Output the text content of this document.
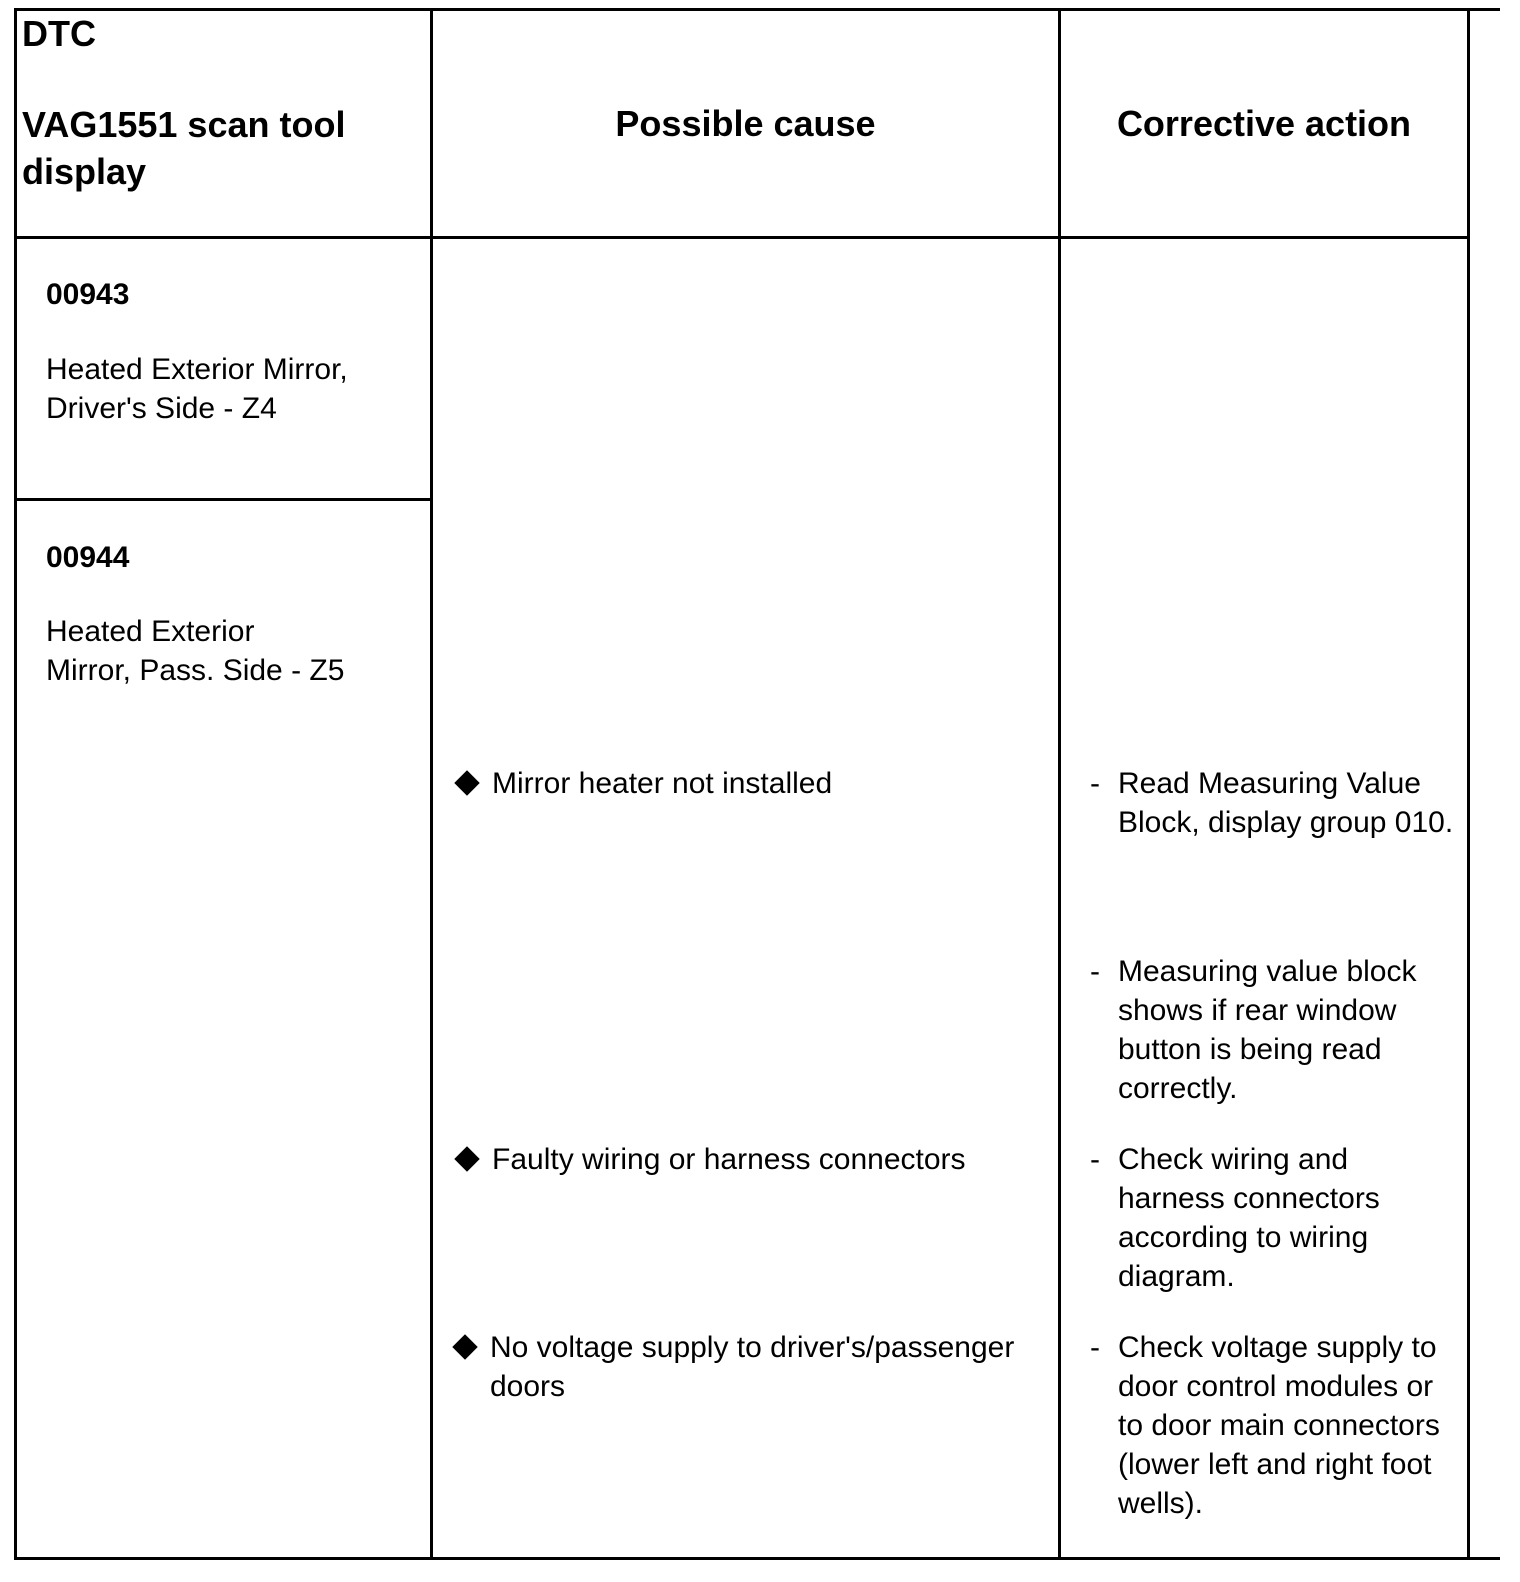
DTC
VAG1551 scan tool display
Possible cause	Corrective action
00943
Heated Exterior Mirror, Driver's Side - Z4
00944
Heated Exterior Mirror, Pass. Side - Z5
Mirror heater not installed
Faulty wiring or harness connectors
No voltage supply to driver's/passenger doors
- Read Measuring Value Block, display group 010.
- Measuring value block shows if rear window button is being read correctly.
- Check wiring and harness connectors according to wiring diagram.
- Check voltage supply to door control modules or to door main connectors (lower left and right foot wells).
